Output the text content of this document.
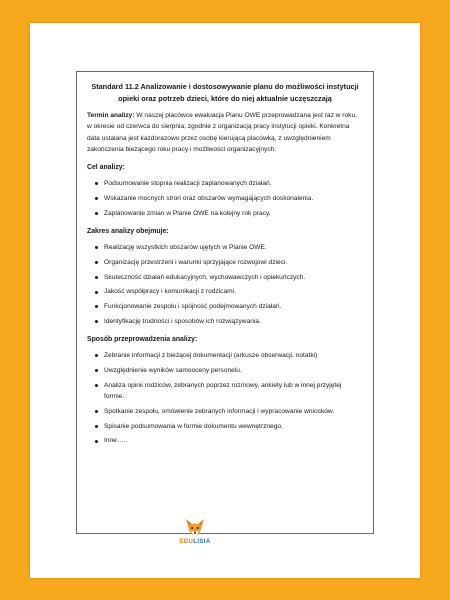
Standard 11.2 Analizowanie i dostosowywanie planu do możliwości instytucji opieki oraz potrzeb dzieci, które do niej aktualnie uczęszczają

Termin analizy: W naszej placówce ewaluacja Planu OWE przeprowadzana jest raz w roku, w okresie od czerwca do sierpnia, zgodnie z organizacją pracy instytucji opieki. Konkretna data ustalana jest każdorazowo przez osobę kierującą placówką, z uwzględnieniem zakończenia bieżącego roku pracy i możliwości organizacyjnych.

Cel analizy:
Podsumowanie stopnia realizacji zaplanowanych działań.
Wskazanie mocnych stron oraz obszarów wymagających doskonalenia.
Zaplanowanie zmian w Planie OWE na kolejny rok pracy.
Zakres analizy obejmuje:
Realizację wszystkich obszarów ujętych w Planie OWE.
Organizację przestrzeni i warunki sprzyjające rozwojowi dzieci.
Skuteczność działań edukacyjnych, wychowawczych i opiekuńczych.
Jakość współpracy i komunikacji z rodzicami.
Funkcjonowanie zespołu i spójność podejmowanych działań.
Identyfikację trudności i sposobów ich rozwiązywania.
Sposób przeprowadzenia analizy:
Zebranie informacji z bieżącej dokumentacji (arkusze obserwacji, notatki)
Uwzględnienie wyników samooceny personelu.
Analiza opinii rodziców, zebranych poprzez rozmowy, ankiety lub w innej przyjętej formie.
Spotkanie zespołu, omówienie zebranych informacji i wypracowanie wniosków.
Spisanie podsumowania w formie dokumentu wewnętrznego.
Inne…..
EDULISIA
